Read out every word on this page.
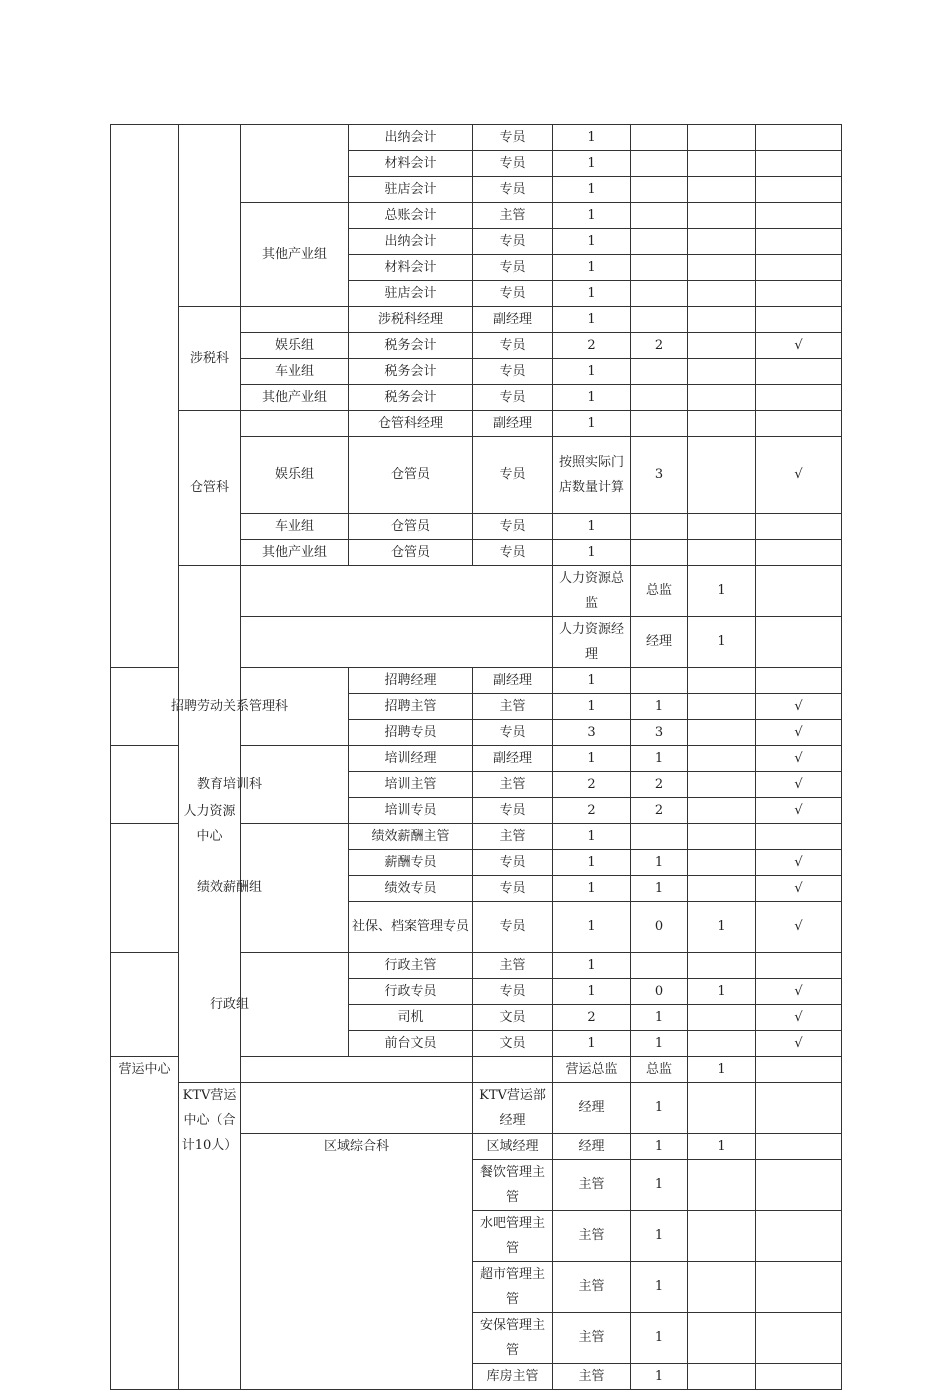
			出纳会计	专员	1				
			材料会计	专员	1				
			驻店会计	专员	1				
		其他产业组	总账会计	主管	1				
			出纳会计	专员	1				
			材料会计	专员	1				
			驻店会计	专员	1				
	涉税科		涉税科经理	副经理	1				
		娱乐组	税务会计	专员	2	2		√	
		车业组	税务会计	专员	1				
		其他产业组	税务会计	专员	1				
	仓管科		仓管科经理	副经理	1				
		娱乐组	仓管员	专员	按照实际门店数量计算	3		√	
		车业组	仓管员	专员	1				
		其他产业组	仓管员	专员	1				
	人力资源中心				人力资源总监	总监	1			
					人力资源经理	经理	1			
招聘劳动关系管理科			招聘经理	副经理	1				
			招聘主管	主管	1	1		√	
			招聘专员	专员	3	3		√	
教育培训科			培训经理	副经理	1	1		√	
			培训主管	主管	2	2		√	
			培训专员	专员	2	2		√	
绩效薪酬组			绩效薪酬主管	主管	1				
			薪酬专员	专员	1	1		√	
			绩效专员	专员	1	1		√	
			社保、档案管理专员	专员	1	0	1	√	
行政组			行政主管	主管	1				
			行政专员	专员	1	0	1	√	
			司机	文员	2	1		√	
			前台文员	文员	1	1		√	
营运中心					营运总监	总监	1			
	KTV营运中心（合计10人）			KTV营运部经理	经理	1			
		区域综合科		区域经理	经理	1	1		
				餐饮管理主管	主管	1			
				水吧管理主管	主管	1			
				超市管理主管	主管	1			
				安保管理主管	主管	1			
				库房主管	主管	1			
